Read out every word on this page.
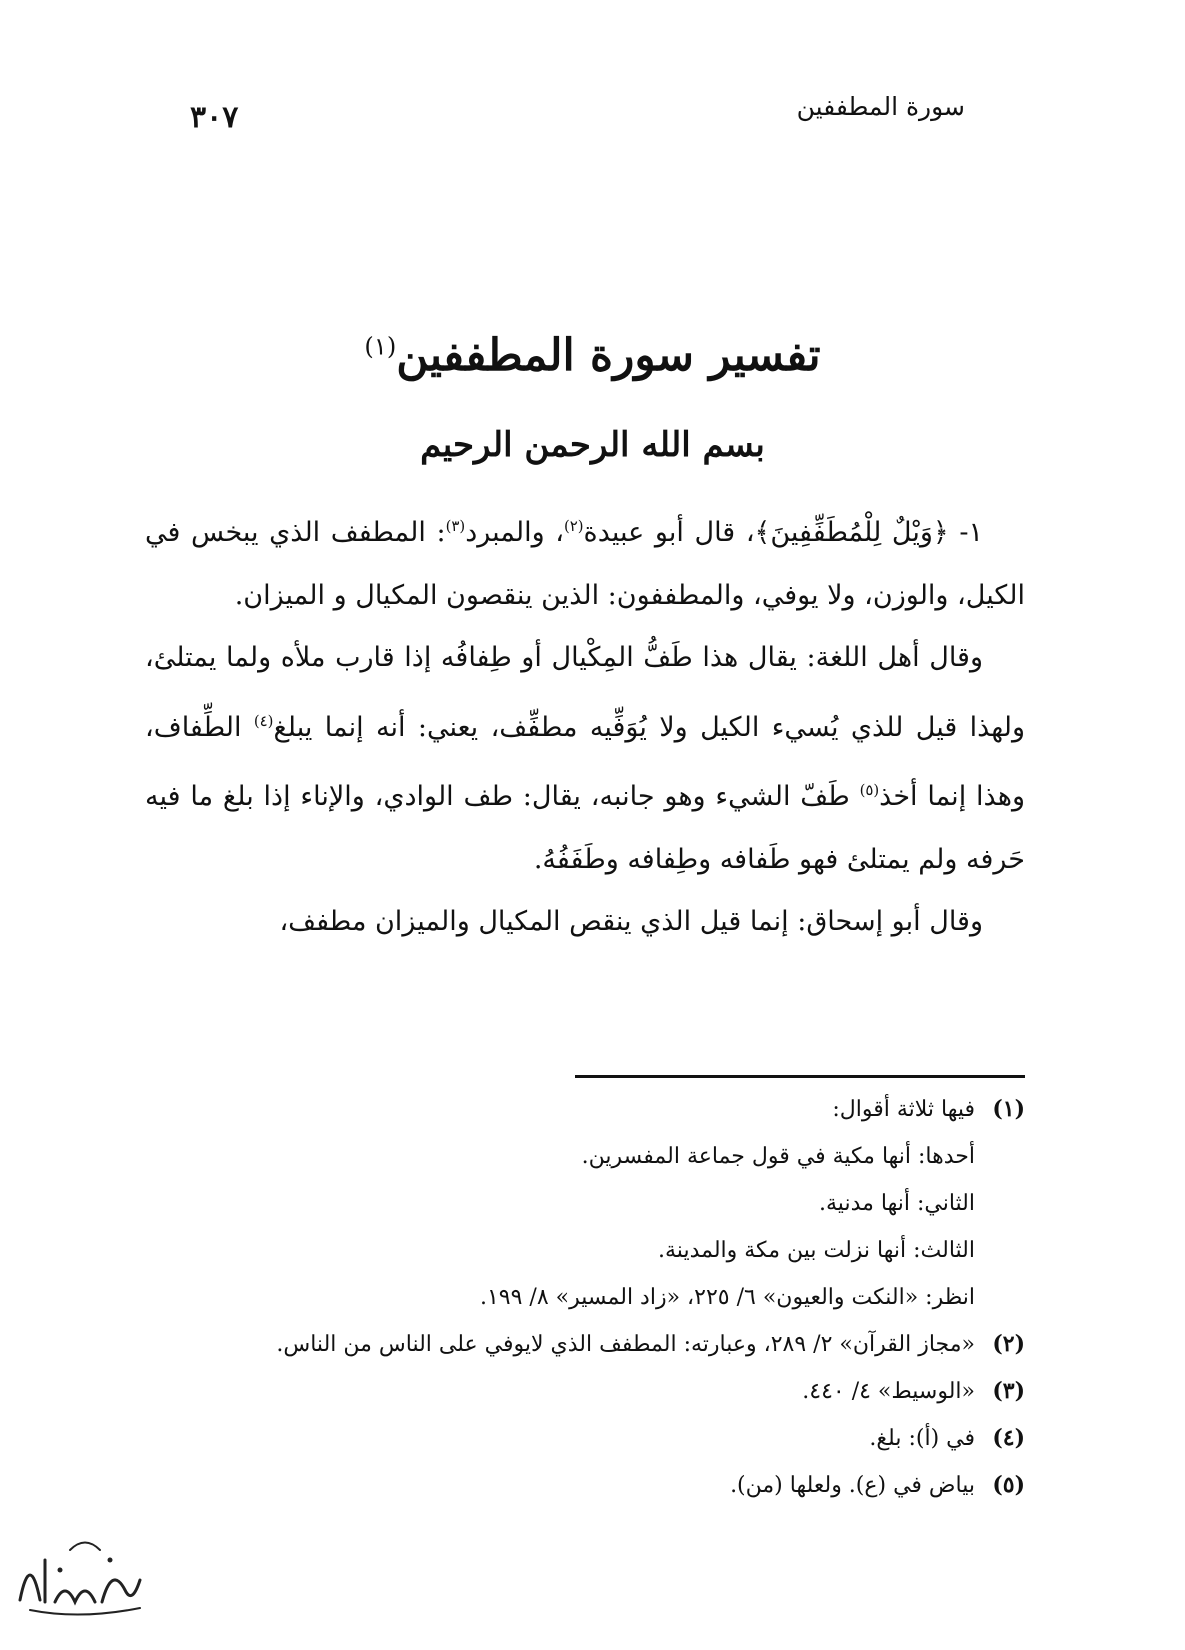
سورة المطففين
٣٠٧
تفسير سورة المطففين$^{(١)}$
بسم الله الرحمن الرحيم

١- ﴿وَيْلٌ لِلْمُطَفِّفِينَ﴾، قال أبو عبيدة$^{(٢)}$، والمبرد$^{(٣)}$: المطفف الذي يبخس في الكيل، والوزن، ولا يوفي، والمطففون: الذين ينقصون المكيال و الميزان.

وقال أهل اللغة: يقال هذا طَفُّ المِكْيال أو طِفافُه إذا قارب ملأه ولما يمتلئ، ولهذا قيل للذي يُسيء الكيل ولا يُوَفِّيه مطفِّف، يعني: أنه إنما يبلغ$^{(٤)}$ الطِّفاف، وهذا إنما أخذ$^{(٥)}$ طَفّ الشيء وهو جانبه، يقال: طف الوادي، والإناء إذا بلغ ما فيه حَرفه ولم يمتلئ فهو طَفافه وطِفافه وطَفَفُهُ.

وقال أبو إسحاق: إنما قيل الذي ينقص المكيال والميزان مطفف،

(١)فيها ثلاثة أقوال:

أحدها: أنها مكية في قول جماعة المفسرين.

الثاني: أنها مدنية.

الثالث: أنها نزلت بين مكة والمدينة.

انظر: «النكت والعيون» ٦/ ٢٢٥، «زاد المسير» ٨/ ١٩٩.

(٢)«مجاز القرآن» ٢/ ٢٨٩، وعبارته: المطفف الذي لايوفي على الناس من الناس.

(٣)«الوسيط» ٤/ ٤٤٠.

(٤)في (أ): بلغ.

(٥)بياض في (ع). ولعلها (من).
